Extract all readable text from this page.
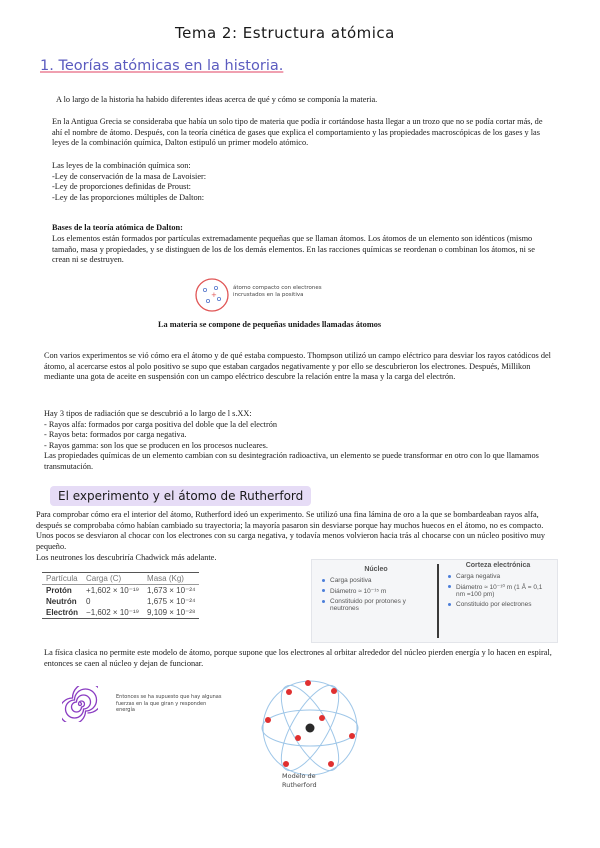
Tema 2: Estructura atómica
1. Teorías atómicas en la historia.
A lo largo de la historia ha habido diferentes ideas acerca de qué y cómo se componía la materia.
En la Antigua Grecia se consideraba que había un solo tipo de materia que podía ir cortándose hasta llegar a un trozo que no se podía cortar más, de ahí el nombre de átomo. Después, con la teoría cinética de gases que explica el comportamiento y las propiedades macroscópicas de los gases y las leyes de la combinación química, Dalton estipuló un primer modelo atómico.
Las leyes de la combinación química son:
-Ley de conservación de la masa de Lavoisier:
-Ley de proporciones definidas de Proust:
-Ley de las proporciones múltiples de Dalton:
Bases de la teoría atómica de Dalton:
Los elementos están formados por partículas extremadamente pequeñas que se llaman átomos. Los átomos de un elemento son idénticos (mismo tamaño, masa y propiedades, y se distinguen de los de los demás elementos. En las racciones químicas se reordenan o combinan los átomos, ni se crean ni se destruyen.
+
átomo compacto con electrones incrustados en la positiva
La materia se compone de pequeñas unidades llamadas átomos
Con varios experimentos se vió cómo era el átomo y de qué estaba compuesto. Thompson utilizó un campo eléctrico para desviar los rayos catódicos del átomo, al acercarse estos al polo positivo se supo que estaban cargados negativamente y por ello se descubrieron los electrones. Después, Millikon mediante una gota de aceite en suspensión con un campo eléctrico descubre la relación entre la masa y la carga del electrón.
Hay 3 tipos de radiación que se descubrió a lo largo de l s.XX:
- Rayos alfa: formados por carga positiva del doble que la del electrón
- Rayos beta: formados por carga negativa.
- Rayos gamma: son los que se producen en los procesos nucleares.
Las propiedades químicas de un elemento cambian con su desintegración radioactiva, un elemento se puede transformar en otro con lo que llamamos transmutación.
El experimento y el átomo de Rutherford
Para comprobar cómo era el interior del átomo, Rutherford ideó un experimento. Se utilizó una fina lámina de oro a la que se bombardeaban rayos alfa, después se comprobaba cómo habían cambiado su trayectoria; la mayoría pasaron sin desviarse porque hay muchos huecos en el átomo, no es compacto. Unos pocos se desviaron al chocar con los electrones con su carga negativa, y todavía menos volvieron hacia trás al chocarse con un núcleo positivo muy pequeño.
Los neutrones los descubriría Chadwick más adelante.
Partícula	Carga (C)	Masa (Kg)
Protón	+1,602 × 10⁻¹⁹	1,673 × 10⁻²⁴
Neutrón	0	1,675 × 10⁻²⁴
Electrón	−1,602 × 10⁻¹⁹	9,109 × 10⁻²⁸
Núcleo
Carga positiva
Diámetro ≈ 10⁻¹⁵ m
Constituido por protones y neutrones
Corteza electrónica
Carga negativa
Diámetro ≈ 10⁻¹⁰ m (1 Å = 0,1 nm =100 pm)
Constituido por electrones
La física clasica no permite este modelo de átomo, porque supone que los electrones al orbitar alrededor del núcleo pierden energía y lo hacen en espiral, entonces se caen al núcleo y dejan de funcionar.
Entonces se ha supuesto que hay algunas fuerzas en la que giran y responden energía
Modelo de Rutherford
